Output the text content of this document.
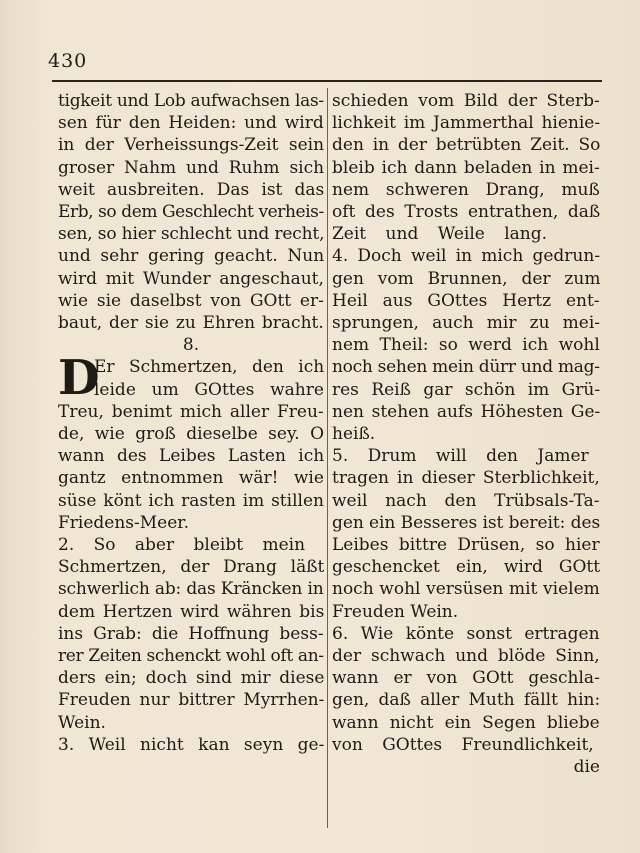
430
tigkeit und Lob aufwachsen las-
sen für den Heiden: und wird
in der Verheissungs-Zeit sein
groser Nahm und Ruhm sich
weit ausbreiten. Das ist das
Erb, so dem Geschlecht verheis-
sen, so hier schlecht und recht,
und sehr gering geacht. Nun
wird mit Wunder angeschaut,
wie sie daselbst von GOtt er-
baut, der sie zu Ehren bracht.
8.
D
Er Schmertzen, den ich
leide um GOttes wahre
Treu, benimt mich aller Freu-
de, wie groß dieselbe sey. O
wann des Leibes Lasten ich
gantz entnommen wär! wie
süse könt ich rasten im stillen
Friedens-Meer.
2. So aber bleibt mein
Schmertzen, der Drang läßt
schwerlich ab: das Kräncken in
dem Hertzen wird währen bis
ins Grab: die Hoffnung bess-
rer Zeiten schenckt wohl oft an-
ders ein; doch sind mir diese
Freuden nur bittrer Myrrhen-
Wein.
3. Weil nicht kan seyn ge-
schieden vom Bild der Sterb-
lichkeit im Jammerthal hienie-
den in der betrübten Zeit. So
bleib ich dann beladen in mei-
nem schweren Drang, muß
oft des Trosts entrathen, daß
Zeit und Weile lang.
4. Doch weil in mich gedrun-
gen vom Brunnen, der zum
Heil aus GOttes Hertz ent-
sprungen, auch mir zu mei-
nem Theil: so werd ich wohl
noch sehen mein dürr und mag-
res Reiß gar schön im Grü-
nen stehen aufs Höhesten Ge-
heiß.
5. Drum will den Jamer
tragen in dieser Sterblichkeit,
weil nach den Trübsals-Ta-
gen ein Besseres ist bereit: des
Leibes bittre Drüsen, so hier
geschencket ein, wird GOtt
noch wohl versüsen mit vielem
Freuden Wein.
6. Wie könte sonst ertragen
der schwach und blöde Sinn,
wann er von GOtt geschla-
gen, daß aller Muth fällt hin:
wann nicht ein Segen bliebe
von GOttes Freundlichkeit,
die
